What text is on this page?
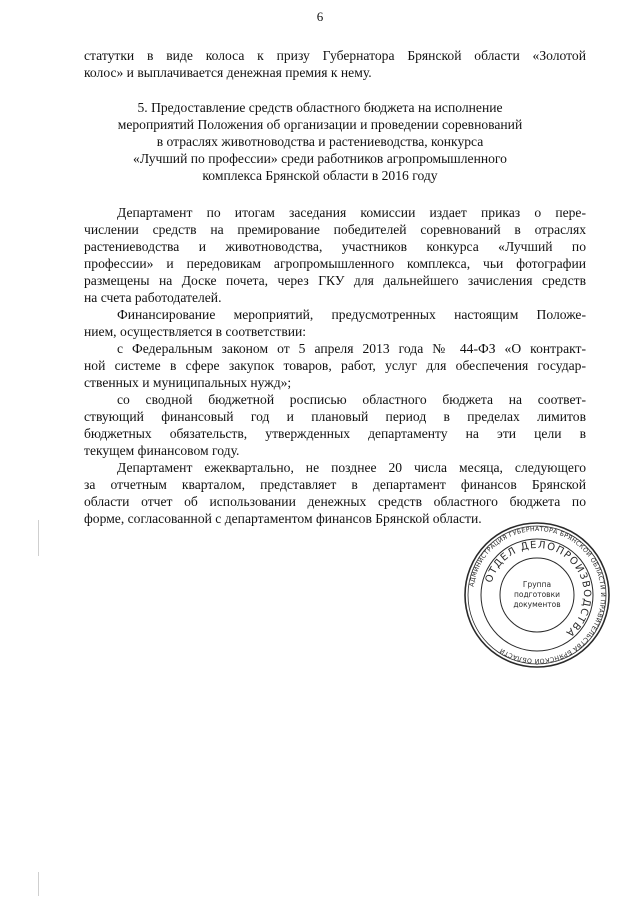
6
статутки в виде колоса к призу Губернатора Брянской области «Золотой
колос» и выплачивается денежная премия к нему.
5. Предоставление средств областного бюджета на исполнение
мероприятий Положения об организации и проведении соревнований
в отраслях животноводства и растениеводства, конкурса
«Лучший по профессии» среди работников агропромышленного
комплекса Брянской области в 2016 году
Департамент по итогам заседания комиссии издает приказ о пере-
числении средств на премирование победителей соревнований в отраслях
растениеводства и животноводства, участников конкурса «Лучший по
профессии» и передовикам агропромышленного комплекса, чьи фотографии
размещены на Доске почета, через ГКУ для дальнейшего зачисления средств
на счета работодателей.
Финансирование мероприятий, предусмотренных настоящим Положе-
нием, осуществляется в соответствии:
с Федеральным законом от 5 апреля 2013 года № 44-ФЗ «О контракт-
ной системе в сфере закупок товаров, работ, услуг для обеспечения государ-
ственных и муниципальных нужд»;
со сводной бюджетной росписью областного бюджета на соответ-
ствующий финансовый год и плановый период в пределах лимитов
бюджетных обязательств, утвержденных департаменту на эти цели в
текущем финансовом году.
Департамент ежеквартально, не позднее 20 числа месяца, следующего
за отчетным кварталом, представляет в департамент финансов Брянской
области отчет об использовании денежных средств областного бюджета по
форме, согласованной с департаментом финансов Брянской области.
АДМИНИСТРАЦИЯ ГУБЕРНАТОРА БРЯНСКОЙ ОБЛАСТИ И ПРАВИТЕЛЬСТВА БРЯНСКОЙ ОБЛАСТИ
ОТДЕЛ ДЕЛОПРОИЗВОДСТВА
Группа
подготовки
документов
